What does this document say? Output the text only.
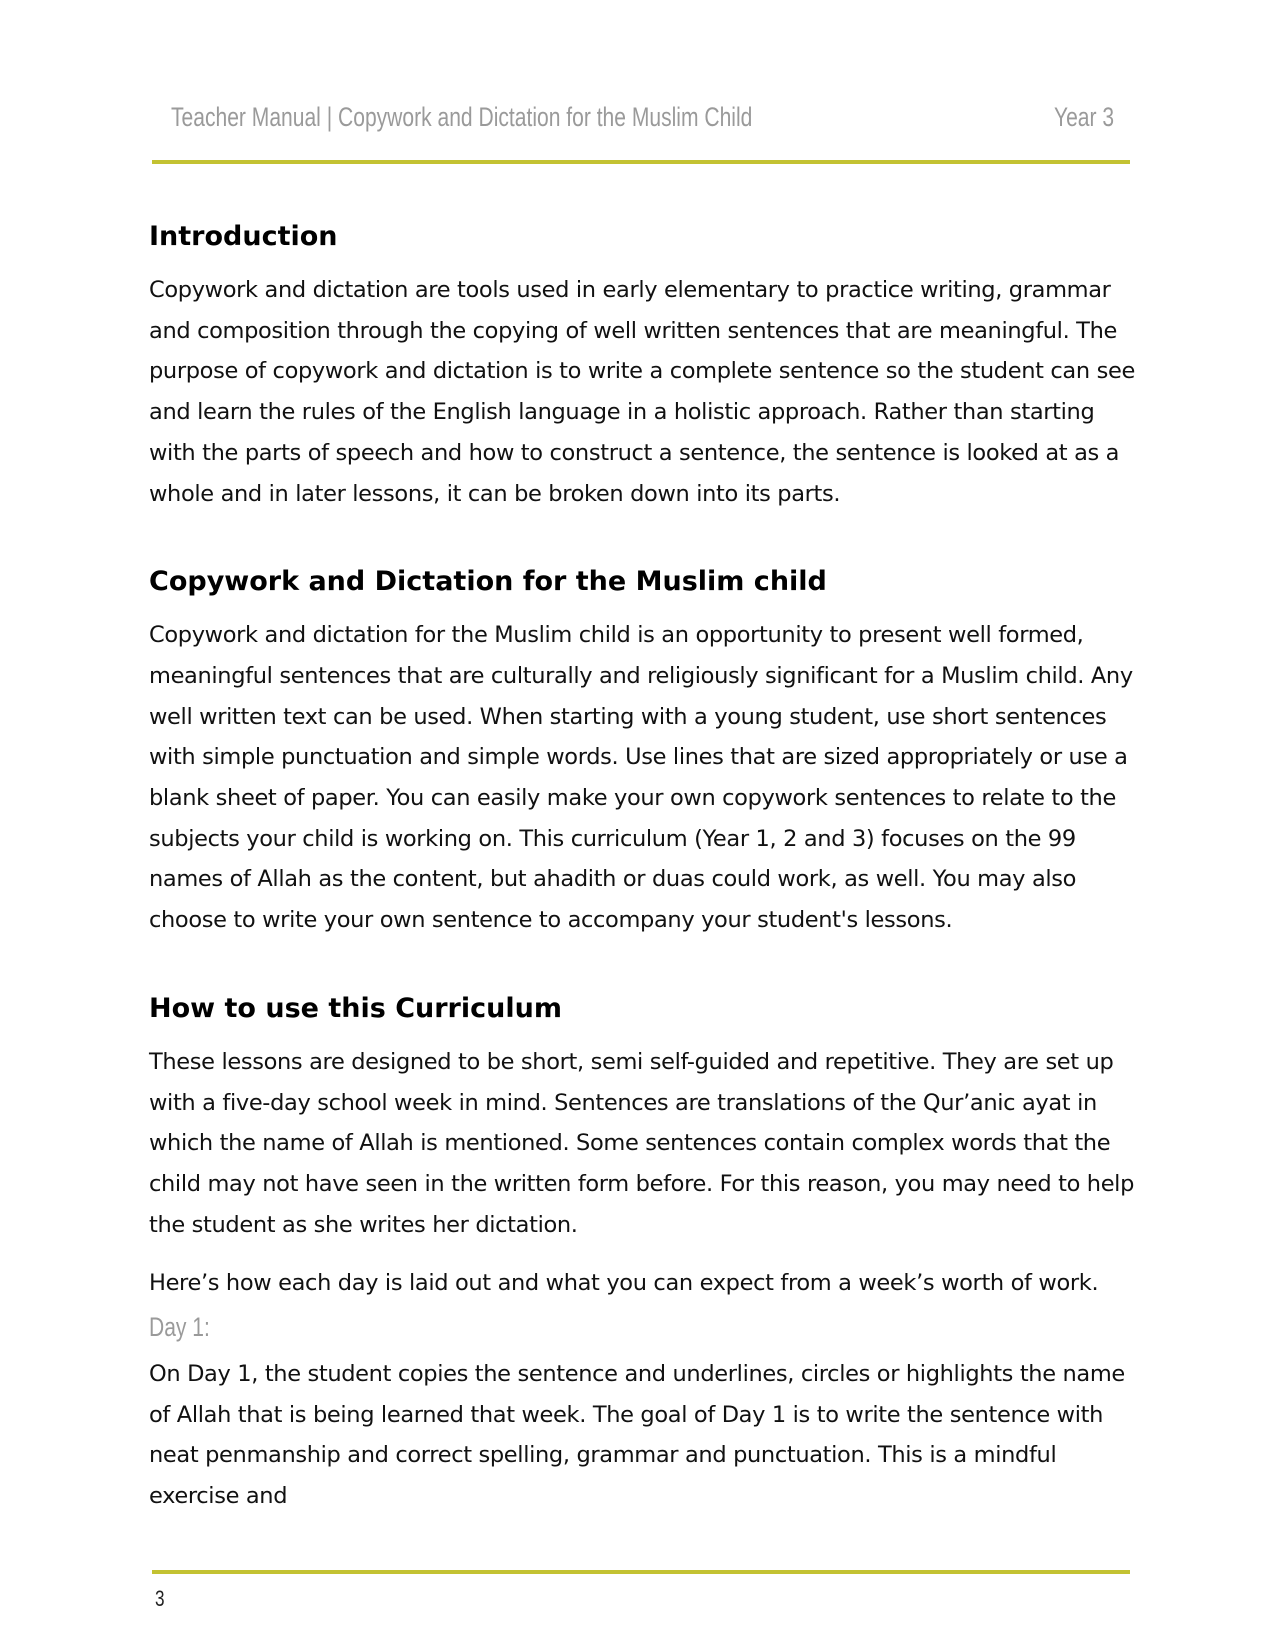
Teacher Manual | Copywork and Dictation for the Muslim Child	Year 3
Introduction

Copywork and dictation are tools used in early elementary to practice writing, grammar and composition through the copying of well written sentences that are meaningful. The purpose of copywork and dictation is to write a complete sentence so the student can see and learn the rules of the English language in a holistic approach. Rather than starting with the parts of speech and how to construct a sentence, the sentence is looked at as a whole and in later lessons, it can be broken down into its parts.

Copywork and Dictation for the Muslim child

Copywork and dictation for the Muslim child is an opportunity to present well formed, meaningful sentences that are culturally and religiously significant for a Muslim child. Any well written text can be used. When starting with a young student, use short sentences with simple punctuation and simple words. Use lines that are sized appropriately or use a blank sheet of paper. You can easily make your own copywork sentences to relate to the subjects your child is working on. This curriculum (Year 1, 2 and 3) focuses on the 99 names of Allah as the content, but ahadith or duas could work, as well. You may also choose to write your own sentence to accompany your student's lessons.

How to use this Curriculum

These lessons are designed to be short, semi self-guided and repetitive. They are set up with a five-day school week in mind. Sentences are translations of the Qur’anic ayat in which the name of Allah is mentioned. Some sentences contain complex words that the child may not have seen in the written form before. For this reason, you may need to help the student as she writes her dictation.

Here’s how each day is laid out and what you can expect from a week’s worth of work.

Day 1:

On Day 1, the student copies the sentence and underlines, circles or highlights the name of Allah that is being learned that week. The goal of Day 1 is to write the sentence with neat penmanship and correct spelling, grammar and punctuation. This is a mindful exercise and

3
